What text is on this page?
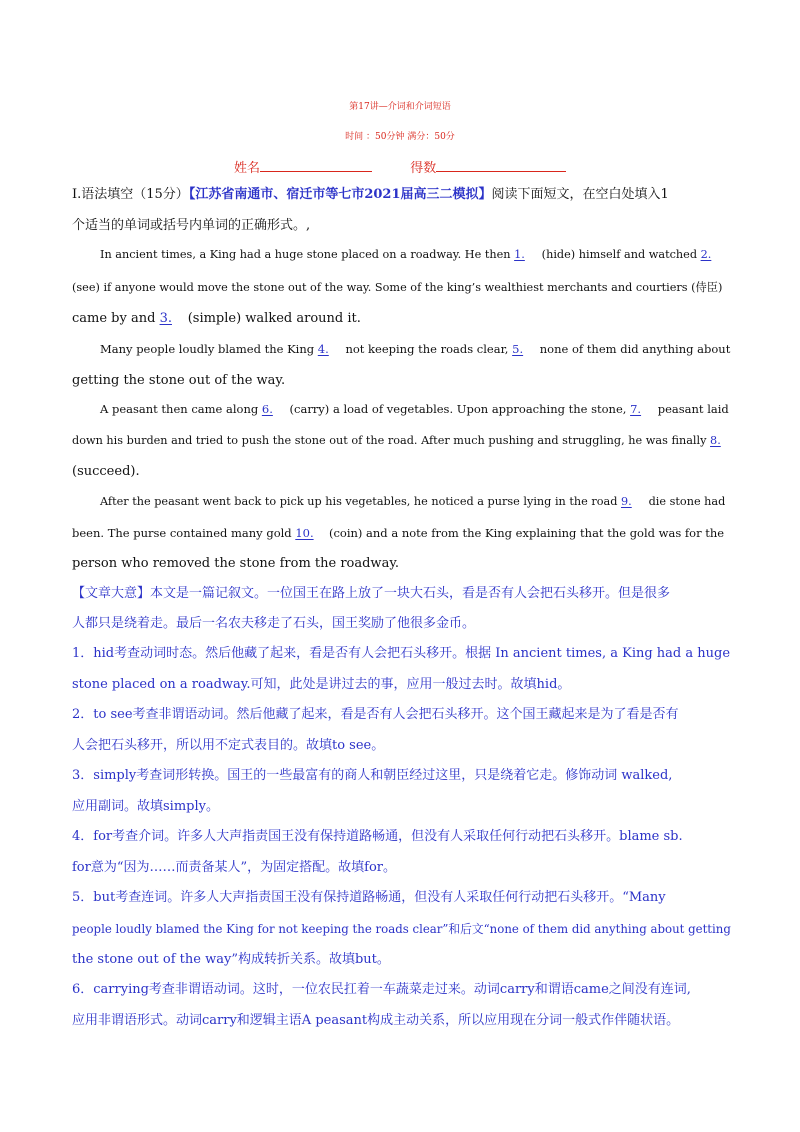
第17讲—介词和介词短语
时间 ：50分钟 满分：50分
姓名	得数
I.语法填空（15分）【江苏省南通市、宿迁市等七市2021届高三二模拟】阅读下面短文，在空白处填入1
个适当的单词或括号内单词的正确形式。,
In ancient times, a King had a huge stone placed on a roadway. He then 1. (hide) himself and watched 2.
(see) if anyone would move the stone out of the way. Some of the king’s wealthiest merchants and courtiers (侍臣)
came by and 3. (simple) walked around it.
Many people loudly blamed the King 4. not keeping the roads clear, 5. none of them did anything about
getting the stone out of the way.
A peasant then came along 6. (carry) a load of vegetables. Upon approaching the stone, 7. peasant laid
down his burden and tried to push the stone out of the road. After much pushing and struggling, he was finally 8.
(succeed).
After the peasant went back to pick up his vegetables, he noticed a purse lying in the road 9. die stone had
been. The purse contained many gold 10. (coin) and a note from the King explaining that the gold was for the
person who removed the stone from the roadway.
【文章大意】本文是一篇记叙文。一位国王在路上放了一块大石头，看是否有人会把石头移开。但是很多
人都只是绕着走。最后一名农夫移走了石头，国王奖励了他很多金币。
1．hid考查动词时态。然后他藏了起来，看是否有人会把石头移开。根据 In ancient times, a King had a huge
stone placed on a roadway.可知，此处是讲过去的事，应用一般过去时。故填hid。
2．to see考查非谓语动词。然后他藏了起来，看是否有人会把石头移开。这个国王藏起来是为了看是否有
人会把石头移开，所以用不定式表目的。故填to see。
3．simply考查词形转换。国王的一些最富有的商人和朝臣经过这里，只是绕着它走。修饰动词 walked,
应用副词。故填simply。
4．for考查介词。许多人大声指责国王没有保持道路畅通，但没有人采取任何行动把石头移开。blame sb.
for意为“因为……而责备某人”，为固定搭配。故填for。
5．but考查连词。许多人大声指责国王没有保持道路畅通，但没有人采取任何行动把石头移开。“Many
people loudly blamed the King for not keeping the roads clear”和后文“none of them did anything about getting
the stone out of the way”构成转折关系。故填but。
6．carrying考查非谓语动词。这时，一位农民扛着一车蔬菜走过来。动词carry和谓语came之间没有连词,
应用非谓语形式。动词carry和逻辑主语A peasant构成主动关系，所以应用现在分词一般式作伴随状语。
